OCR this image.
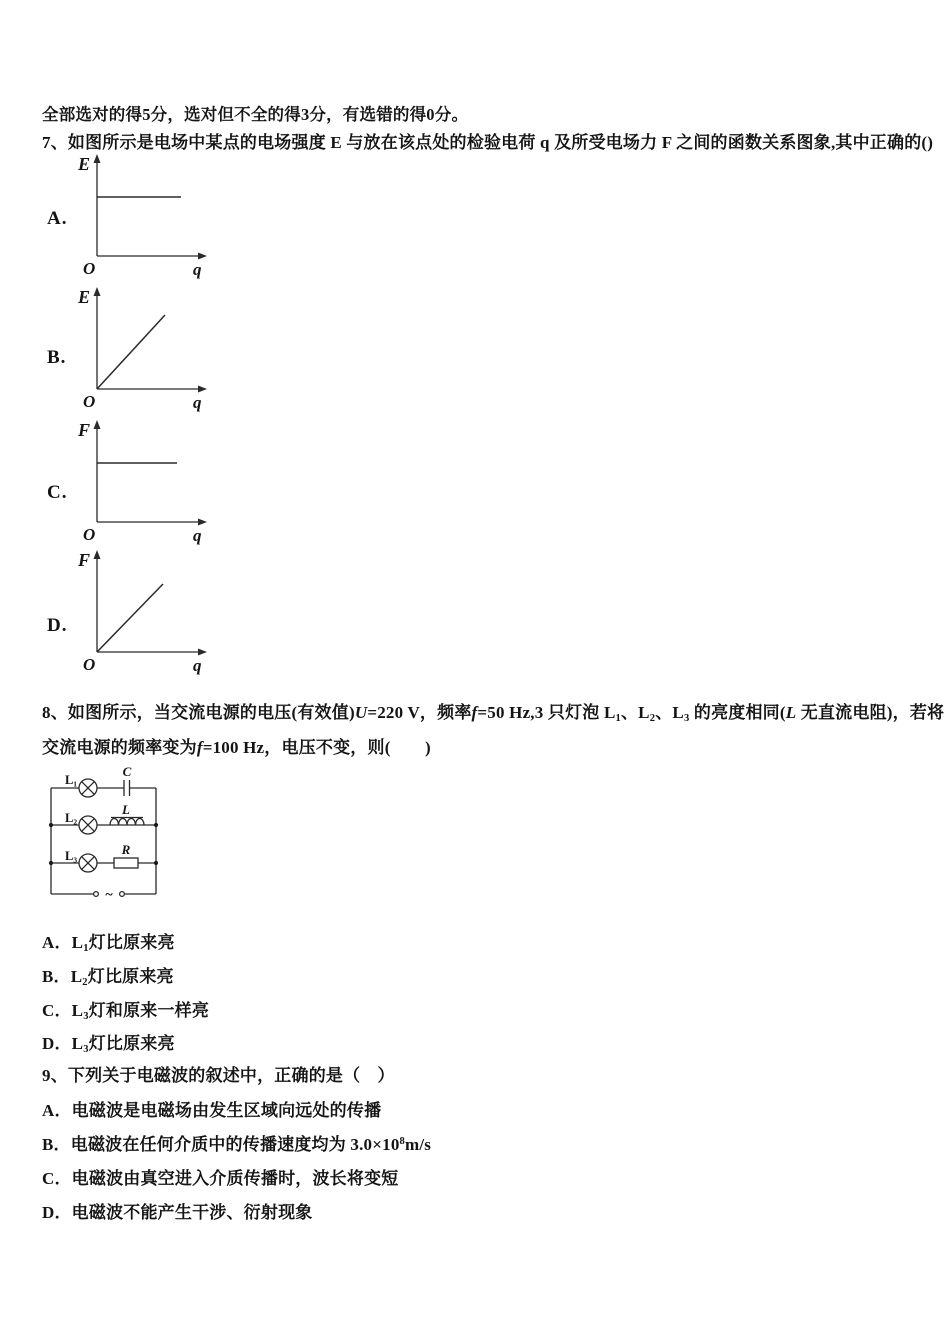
全部选对的得5分，选对但不全的得3分，有选错的得0分。
7、如图所示是电场中某点的电场强度 E 与放在该点处的检验电荷 q 及所受电场力 F 之间的函数关系图象,其中正确的()
A.
E
O	q
B.
E
O	q
C.
F
O	q
D.
F
O	q
8、如图所示，当交流电源的电压(有效值)U=220 V，频率f=50 Hz,3 只灯泡 L1、L2、L3 的亮度相同(L 无直流电阻)，若将
交流电源的频率变为f=100 Hz，电压不变，则(　　)
L₁
C
L₂
L
L₃	R
~
A．L1灯比原来亮
B．L2灯比原来亮
C．L3灯和原来一样亮
D．L3灯比原来亮
9、下列关于电磁波的叙述中，正确的是（　）
A．电磁波是电磁场由发生区域向远处的传播
B．电磁波在任何介质中的传播速度均为 $3.0\times 10^8m/s$
C．电磁波由真空进入介质传播时，波长将变短
D．电磁波不能产生干涉、衍射现象
